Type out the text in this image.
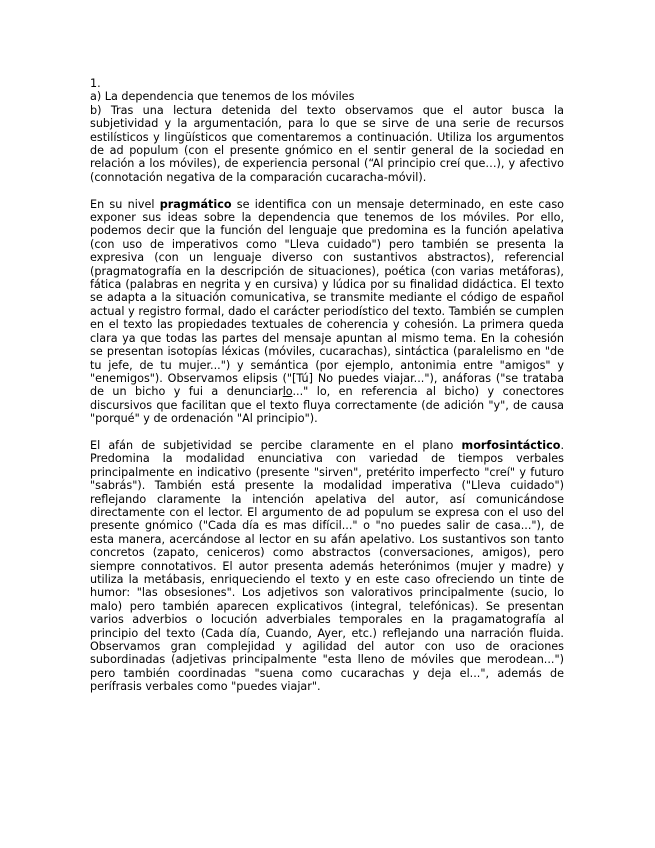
1.
a) La dependencia que tenemos de los móviles

b) Tras una lectura detenida del texto observamos que el autor busca la subjetividad y la argumentación, para lo que se sirve de una serie de recursos estilísticos y lingüísticos que comentaremos a continuación. Utiliza los argumentos de ad populum (con el presente gnómico en el sentir general de la sociedad en relación a los móviles), de experiencia personal (“Al principio creí que…), y afectivo (connotación negativa de la comparación cucaracha-móvil).

En su nivel pragmático se identifica con un mensaje determinado, en este caso exponer sus ideas sobre la dependencia que tenemos de los móviles. Por ello, podemos decir que la función del lenguaje que predomina es la función apelativa (con uso de imperativos como "Lleva cuidado") pero también se presenta la expresiva (con un lenguaje diverso con sustantivos abstractos), referencial (pragmatografía en la descripción de situaciones), poética (con varias metáforas), fática (palabras en negrita y en cursiva) y lúdica por su finalidad didáctica. El texto se adapta a la situación comunicativa, se transmite mediante el código de español actual y registro formal, dado el carácter periodístico del texto. También se cumplen en el texto las propiedades textuales de coherencia y cohesión. La primera queda clara ya que todas las partes del mensaje apuntan al mismo tema. En la cohesión se presentan isotopías léxicas (móviles, cucarachas), sintáctica (paralelismo en "de tu jefe, de tu mujer...") y semántica (por ejemplo, antonimia entre "amigos" y "enemigos"). Observamos elipsis ("[Tú] No puedes viajar..."), anáforas ("se trataba de un bicho y fui a denunciarlo..." lo, en referencia al bicho) y conectores discursivos que facilitan que el texto fluya correctamente (de adición "y", de causa "porqué" y de ordenación "Al principio").

El afán de subjetividad se percibe claramente en el plano morfosintáctico. Predomina la modalidad enunciativa con variedad de tiempos verbales principalmente en indicativo (presente "sirven", pretérito imperfecto "creí" y futuro "sabrás"). También está presente la modalidad imperativa ("Lleva cuidado") reflejando claramente la intención apelativa del autor, así comunicándose directamente con el lector. El argumento de ad populum se expresa con el uso del presente gnómico ("Cada día es mas difícil..." o "no puedes salir de casa..."), de esta manera, acercándose al lector en su afán apelativo. Los sustantivos son tanto concretos (zapato, ceniceros) como abstractos (conversaciones, amigos), pero siempre connotativos. El autor presenta además heterónimos (mujer y madre) y utiliza la metábasis, enriqueciendo el texto y en este caso ofreciendo un tinte de humor: "las obsesiones". Los adjetivos son valorativos principalmente (sucio, lo malo) pero también aparecen explicativos (integral, telefónicas). Se presentan varios adverbios o locución adverbiales temporales en la pragamatografía al principio del texto (Cada día, Cuando, Ayer, etc.) reflejando una narración fluida. Observamos gran complejidad y agilidad del autor con uso de oraciones subordinadas (adjetivas principalmente "esta lleno de móviles que merodean...") pero también coordinadas "suena como cucarachas y deja el...", además de perífrasis verbales como "puedes viajar".
